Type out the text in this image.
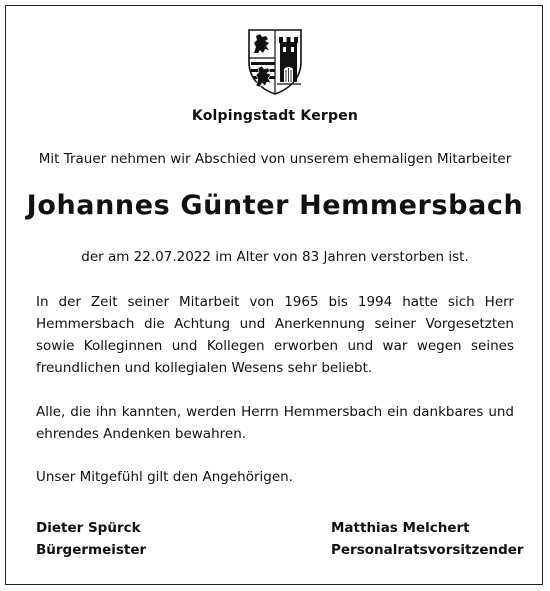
Kolpingstadt Kerpen
Mit Trauer nehmen wir Abschied von unserem ehemaligen Mitarbeiter
Johannes Günter Hemmersbach
der am 22.07.2022 im Alter von 83 Jahren verstorben ist.
In der Zeit seiner Mitarbeit von 1965 bis 1994 hatte sich Herr Hemmersbach die Achtung und Anerkennung seiner Vorgesetzten sowie Kolleginnen und Kollegen erworben und war wegen seines freundlichen und kollegialen Wesens sehr beliebt.
Alle, die ihn kannten, werden Herrn Hemmersbach ein dankbares und ehrendes Andenken bewahren.
Unser Mitgefühl gilt den Angehörigen.
Dieter Spürck
Bürgermeister
Matthias Melchert
Personalratsvorsitzender
